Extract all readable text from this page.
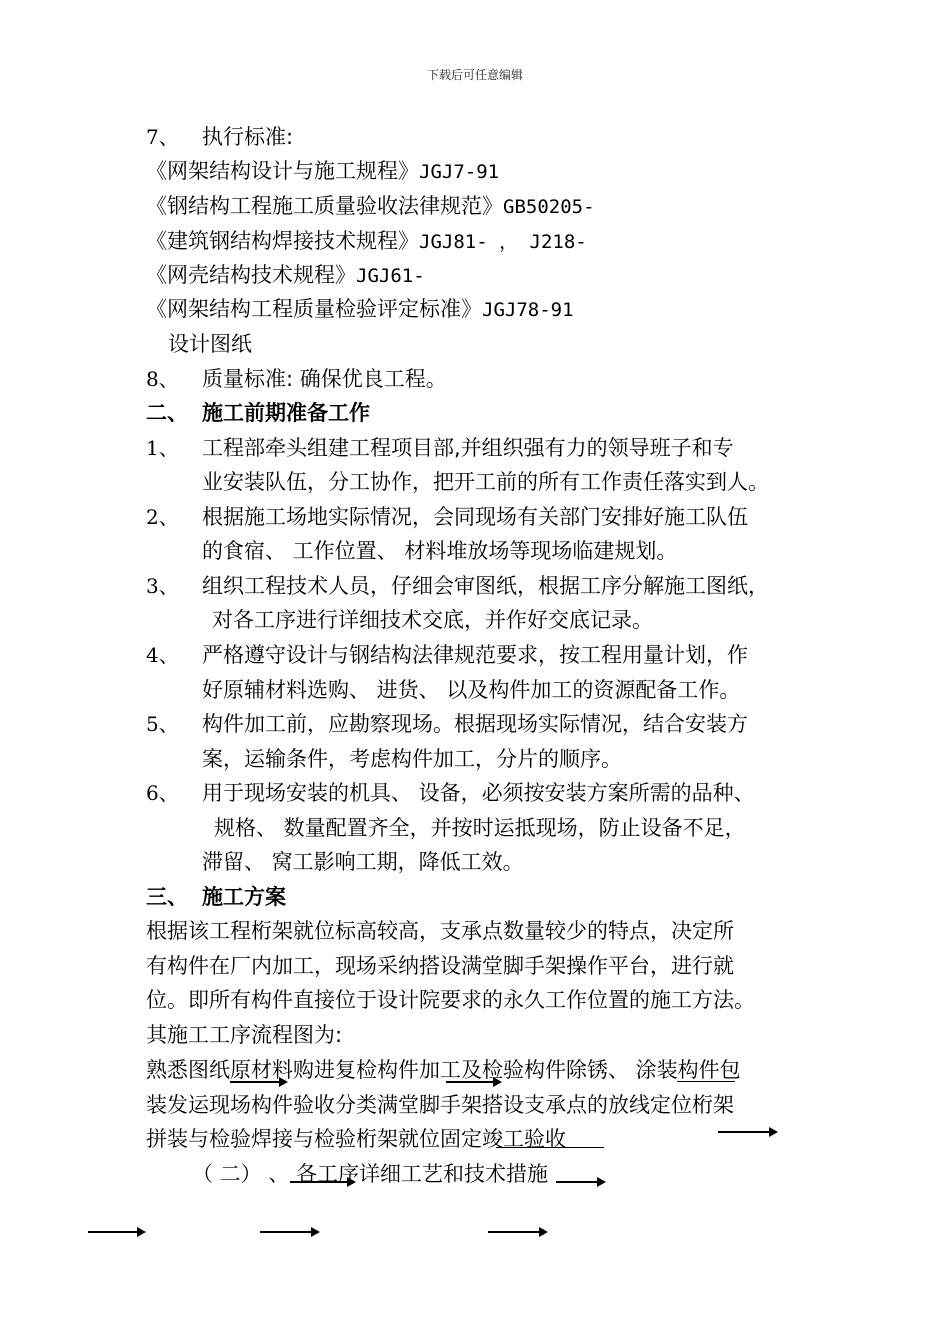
下载后可任意编辑
7、 执行标准:
《网架结构设计与施工规程》JGJ7-91
《钢结构工程施工质量验收法律规范》GB50205-
《建筑钢结构焊接技术规程》JGJ81- ， J218-
《网壳结构技术规程》JGJ61-
《网架结构工程质量检验评定标准》JGJ78-91
设计图纸
8、 质量标准: 确保优良工程。
二、 施工前期准备工作
1、 工程部牵头组建工程项目部,并组织强有力的领导班子和专
业安装队伍，分工协作，把开工前的所有工作责任落实到人。
2、 根据施工场地实际情况，会同现场有关部门安排好施工队伍
的食宿、 工作位置、 材料堆放场等现场临建规划。
3、 组织工程技术人员，仔细会审图纸，根据工序分解施工图纸，
对各工序进行详细技术交底，并作好交底记录。
4、 严格遵守设计与钢结构法律规范要求，按工程用量计划，作
好原辅材料选购、 进货、 以及构件加工的资源配备工作。
5、 构件加工前，应勘察现场。根据现场实际情况，结合安装方
案，运输条件，考虑构件加工，分片的顺序。
6、 用于现场安装的机具、 设备，必须按安装方案所需的品种、
规格、 数量配置齐全，并按时运抵现场，防止设备不足，
滞留、 窝工影响工期，降低工效。
三、 施工方案
根据该工程桁架就位标高较高，支承点数量较少的特点，决定所
有构件在厂内加工，现场采纳搭设满堂脚手架操作平台，进行就
位。即所有构件直接位于设计院要求的永久工作位置的施工方法。
其施工工序流程图为:
熟悉图纸原材料购进复检构件加工及检验构件除锈、 涂装构件包
装发运现场构件验收分类满堂脚手架搭设支承点的放线定位桁架
拼装与检验焊接与检验桁架就位固定竣工验收
（ 二） 、 各工序详细工艺和技术措施
